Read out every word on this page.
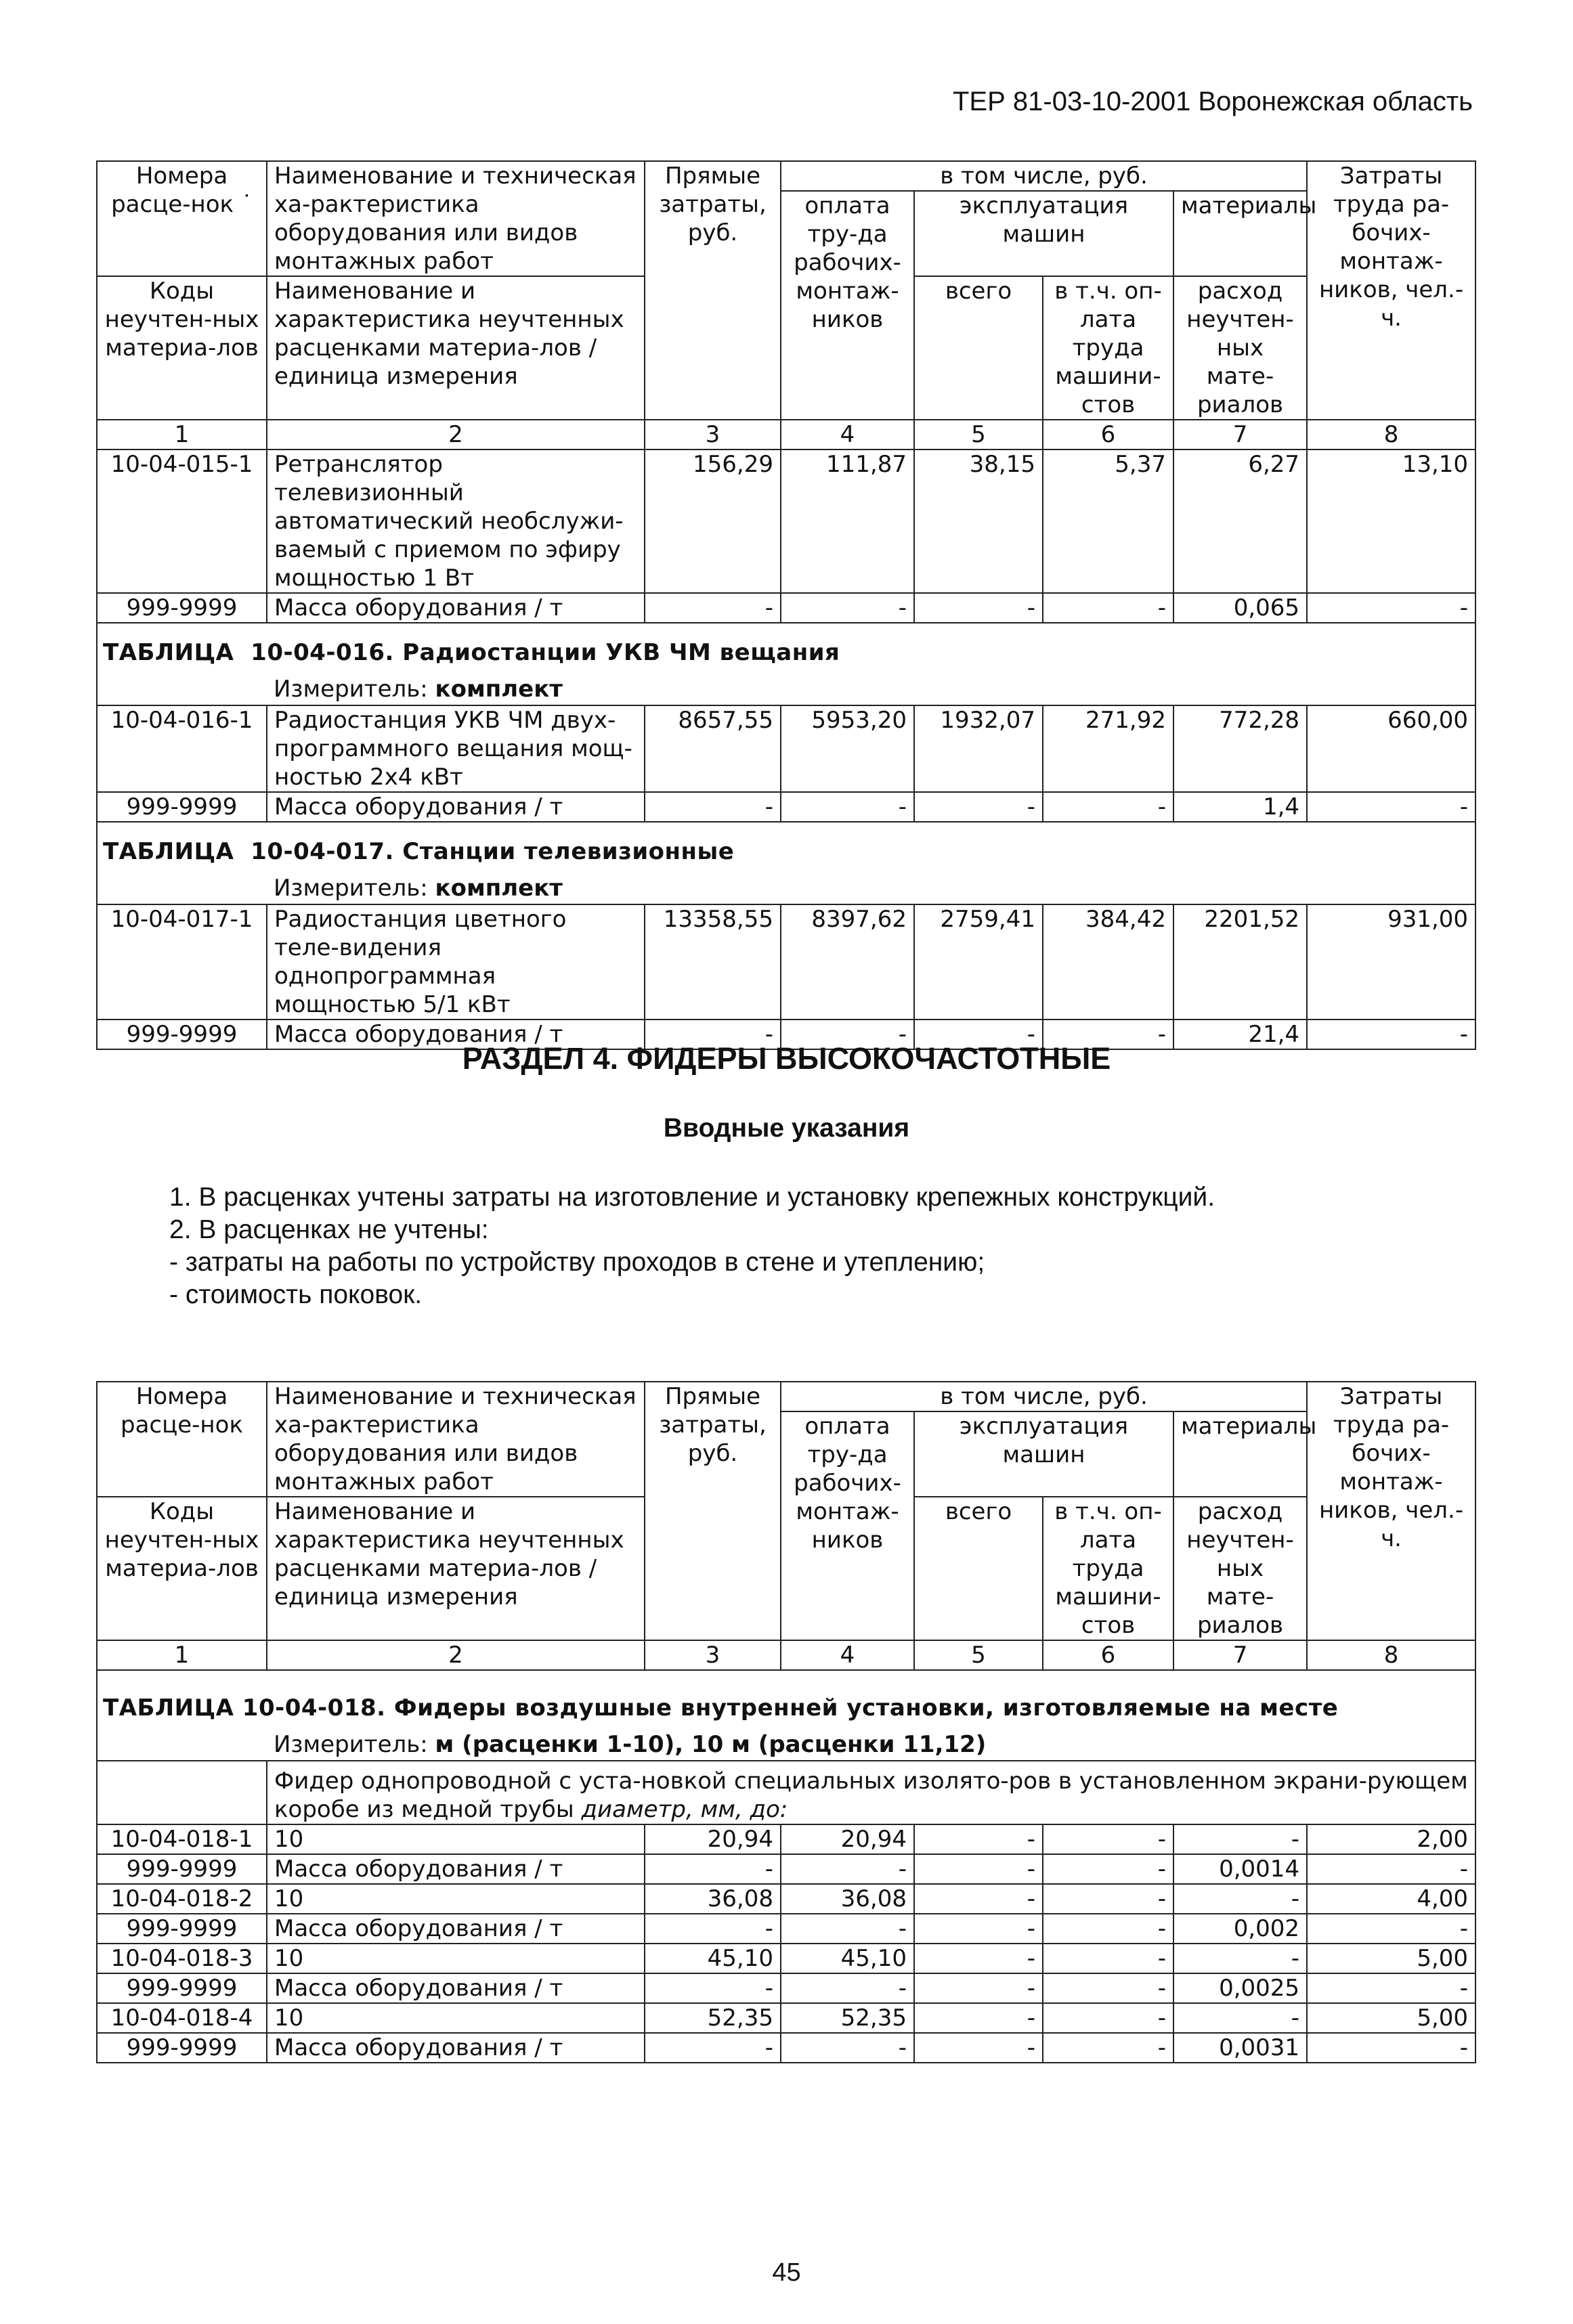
ТЕР 81-03-10-2001 Воронежская область
Номера расце-нок ˙	Наименование и техническая ха-рактеристика оборудования или видов монтажных работ	Прямые затраты, руб.	в том числе, руб.				Затраты труда ра-бочих-монтаж-ников, чел.-ч.
			оплата тру-да рабочих-монтаж-ников	эксплуатация машин		материалы	
Коды неучтен-ных материа-лов	Наименование и характеристика неучтенных расценками материа-лов / единица измерения			всего	в т.ч. оп-лата труда машини-стов	расход неучтен-ных мате-риалов	

1	2	3	4	5	6	7	8
10-04-015-1	Ретранслятор телевизионный автоматический необслужи-ваемый с приемом по эфиру мощностью 1 Вт	156,29	111,87	38,15	5,37	6,27	13,10
999-9999	Масса оборудования / т	-	-	-	-	0,065	-
ТАБЛИЦА 10-04-016. Радиостанции УКВ ЧМ вещания							
	Измеритель: комплект						
10-04-016-1	Радиостанция УКВ ЧМ двух-программного вещания мощ-ностью 2х4 кВт	8657,55	5953,20	1932,07	271,92	772,28	660,00
999-9999	Масса оборудования / т	-	-	-	-	1,4	-
ТАБЛИЦА 10-04-017. Станции телевизионные							
	Измеритель: комплект						
10-04-017-1	Радиостанция цветного теле-видения однопрограммная мощностью 5/1 кВт	13358,55	8397,62	2759,41	384,42	2201,52	931,00
999-9999	Масса оборудования / т	-	-	-	-	21,4	-
РАЗДЕЛ 4. ФИДЕРЫ ВЫСОКОЧАСТОТНЫЕ
Вводные указания
1. В расценках учтены затраты на изготовление и установку крепежных конструкций.
2. В расценках не учтены:
- затраты на работы по устройству проходов в стене и утеплению;
- стоимость поковок.
Номера расце-нок	Наименование и техническая ха-рактеристика оборудования или видов монтажных работ	Прямые затраты, руб.	в том числе, руб.				Затраты труда ра-бочих-монтаж-ников, чел.-ч.
			оплата тру-да рабочих-монтаж-ников	эксплуатация машин		материалы	
Коды неучтен-ных материа-лов	Наименование и характеристика неучтенных расценками материа-лов / единица измерения			всего	в т.ч. оп-лата труда машини-стов	расход неучтен-ных мате-риалов	

1	2	3	4	5	6	7	8
ТАБЛИЦА 10-04-018. Фидеры воздушные внутренней установки, изготовляемые на месте							
	Измеритель: м (расценки 1-10), 10 м (расценки 11,12)						
	Фидер однопроводной с уста-новкой специальных изолято-ров в установленном экрани-рующем коробе из медной трубы диаметр, мм, до:						
10-04-018-1	10	20,94	20,94	-	-	-	2,00
999-9999	Масса оборудования / т	-	-	-	-	0,0014	-
10-04-018-2	10	36,08	36,08	-	-	-	4,00
999-9999	Масса оборудования / т	-	-	-	-	0,002	-
10-04-018-3	10	45,10	45,10	-	-	-	5,00
999-9999	Масса оборудования / т	-	-	-	-	0,0025	-
10-04-018-4	10	52,35	52,35	-	-	-	5,00
999-9999	Масса оборудования / т	-	-	-	-	0,0031	-
45
